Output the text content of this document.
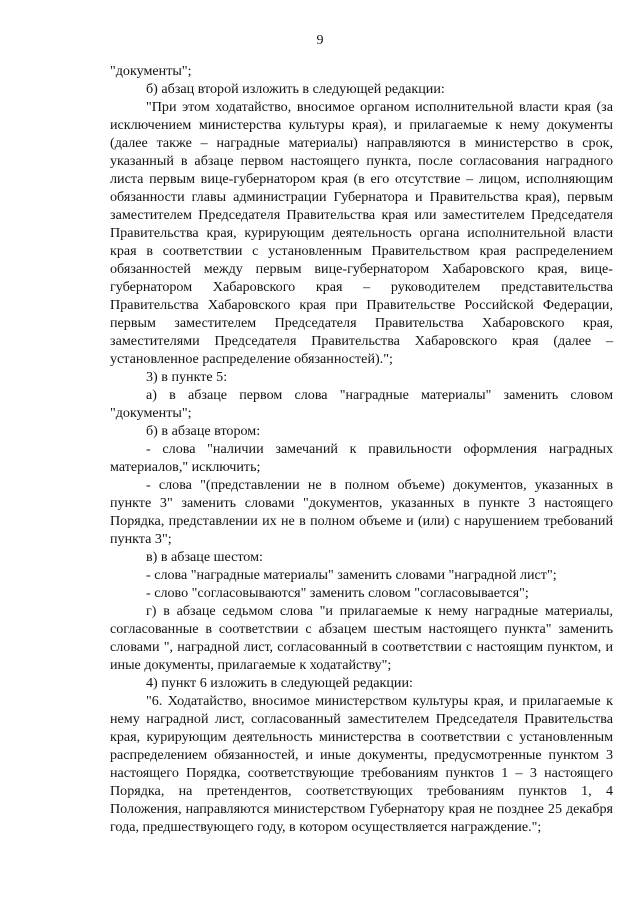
9

"документы";

б) абзац второй изложить в следующей редакции:

"При этом ходатайство, вносимое органом исполнительной власти края (за исключением министерства культуры края), и прилагаемые к нему документы (далее также – наградные материалы) направляются в министерство в срок, указанный в абзаце первом настоящего пункта, после согласования наградного листа первым вице-губернатором края (в его отсутствие – лицом, исполняющим обязанности главы администрации Губернатора и Правительства края), первым заместителем Председателя Правительства края или заместителем Председателя Правительства края, курирующим деятельность органа исполнительной власти края в соответствии с установленным Правительством края распределением обязанностей между первым вице-губернатором Хабаровского края, вице-губернатором Хабаровского края – руководителем представительства Правительства Хабаровского края при Правительстве Российской Федерации, первым заместителем Председателя Правительства Хабаровского края, заместителями Председателя Правительства Хабаровского края (далее – установленное распределение обязанностей).";

3) в пункте 5:

а) в абзаце первом слова "наградные материалы" заменить словом "документы";

б) в абзаце втором:

- слова "наличии замечаний к правильности оформления наградных материалов," исключить;

- слова "(представлении не в полном объеме) документов, указанных в пункте 3" заменить словами "документов, указанных в пункте 3 настоящего Порядка, представлении их не в полном объеме и (или) с нарушением требований пункта 3";

в) в абзаце шестом:

- слова "наградные материалы" заменить словами "наградной лист";

- слово "согласовываются" заменить словом "согласовывается";

г) в абзаце седьмом слова "и прилагаемые к нему наградные материалы, согласованные в соответствии с абзацем шестым настоящего пункта" заменить словами ", наградной лист, согласованный в соответствии с настоящим пунктом, и иные документы, прилагаемые к ходатайству";

4) пункт 6 изложить в следующей редакции:

"6. Ходатайство, вносимое министерством культуры края, и прилагаемые к нему наградной лист, согласованный заместителем Председателя Правительства края, курирующим деятельность министерства в соответствии с установленным распределением обязанностей, и иные документы, предусмотренные пунктом 3 настоящего Порядка, соответствующие требованиям пунктов 1 – 3 настоящего Порядка, на претендентов, соответствующих требованиям пунктов 1, 4 Положения, направляются министерством Губернатору края не позднее 25 декабря года, предшествующего году, в котором осуществляется награждение.";
